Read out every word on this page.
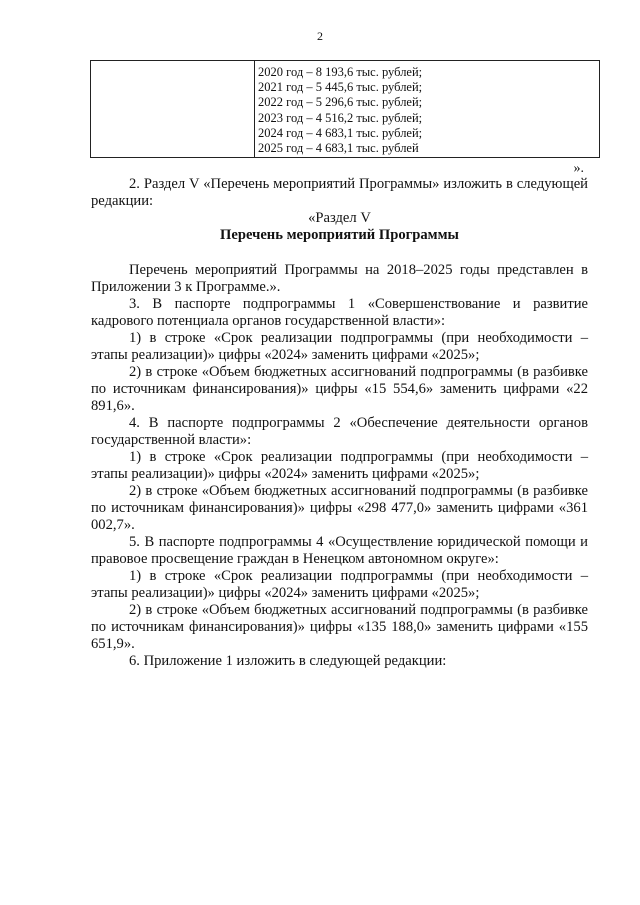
2

2020 год – 8 193,6 тыс. рублей;
2021 год – 5 445,6 тыс. рублей;
2022 год – 5 296,6 тыс. рублей;
2023 год – 4 516,2 тыс. рублей;
2024 год – 4 683,1 тыс. рублей;
2025 год – 4 683,1 тыс. рублей
».

2. Раздел V «Перечень мероприятий Программы» изложить в следующей редакции:

«Раздел V

Перечень мероприятий Программы

Перечень мероприятий Программы на 2018–2025 годы представлен в Приложении 3 к Программе.».

3. В паспорте подпрограммы 1 «Совершенствование и развитие кадрового потенциала органов государственной власти»:

1) в строке «Срок реализации подпрограммы (при необходимости – этапы реализации)» цифры «2024» заменить цифрами «2025»;

2) в строке «Объем бюджетных ассигнований подпрограммы (в разбивке по источникам финансирования)» цифры «15 554,6» заменить цифрами «22 891,6».

4. В паспорте подпрограммы 2 «Обеспечение деятельности органов государственной власти»:

1) в строке «Срок реализации подпрограммы (при необходимости – этапы реализации)» цифры «2024» заменить цифрами «2025»;

2) в строке «Объем бюджетных ассигнований подпрограммы (в разбивке по источникам финансирования)» цифры «298 477,0» заменить цифрами «361 002,7».

5. В паспорте подпрограммы 4 «Осуществление юридической помощи и правовое просвещение граждан в Ненецком автономном округе»:

1) в строке «Срок реализации подпрограммы (при необходимости – этапы реализации)» цифры «2024» заменить цифрами «2025»;

2) в строке «Объем бюджетных ассигнований подпрограммы (в разбивке по источникам финансирования)» цифры «135 188,0» заменить цифрами «155 651,9».

6. Приложение 1 изложить в следующей редакции:
